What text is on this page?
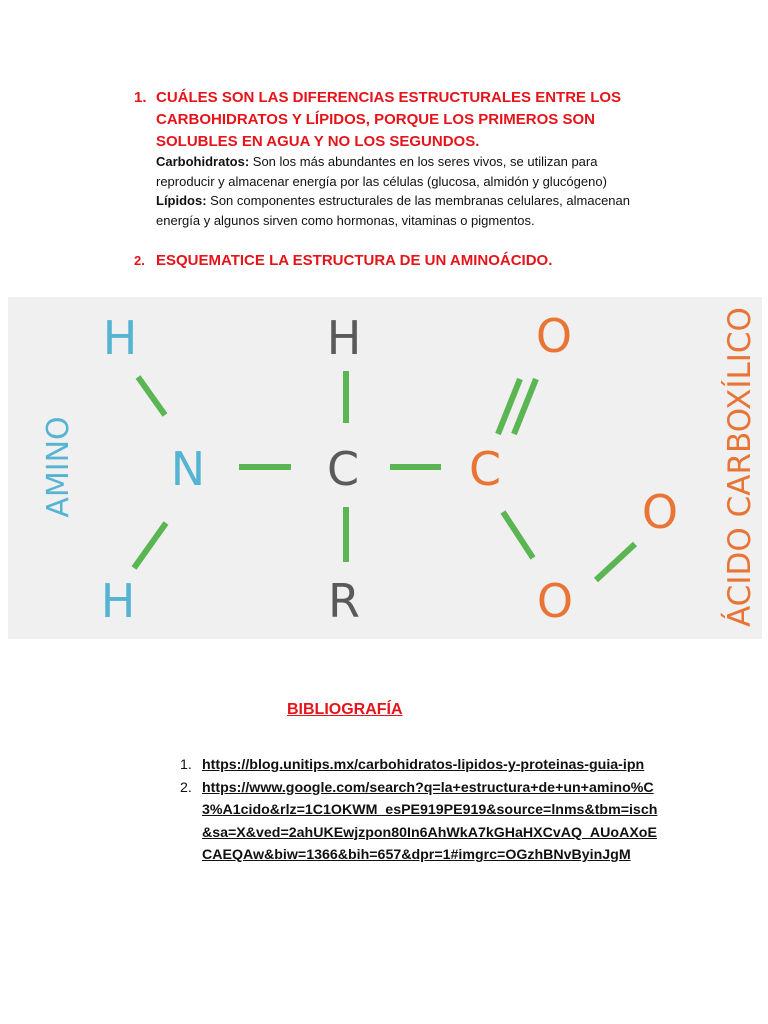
1. CUÁLES SON LAS DIFERENCIAS ESTRUCTURALES ENTRE LOS CARBOHIDRATOS Y LÍPIDOS, PORQUE LOS PRIMEROS SON SOLUBLES EN AGUA Y NO LOS SEGUNDOS.
Carbohidratos: Son los más abundantes en los seres vivos, se utilizan para reproducir y almacenar energía por las células (glucosa, almidón y glucógeno)
Lípidos: Son componentes estructurales de las membranas celulares, almacenan energía y algunos sirven como hormonas, vitaminas o pigmentos.
2. ESQUEMATICE LA ESTRUCTURA DE UN AMINOÁCIDO.
AMINO	ÁCIDO CARBOXÍLICO
H
N
H
H
C
R
C
O
O
O
BIBLIOGRAFÍA
1. https://blog.unitips.mx/carbohidratos-lipidos-y-proteinas-guia-ipn
2. https://www.google.com/search?q=la+estructura+de+un+amino%C3%A1cido&rlz=1C1OKWM_esPE919PE919&source=lnms&tbm=isch&sa=X&ved=2ahUKEwjzpon80In6AhWkA7kGHaHXCvAQ_AUoAXoECAEQAw&biw=1366&bih=657&dpr=1#imgrc=OGzhBNvByinJgM
